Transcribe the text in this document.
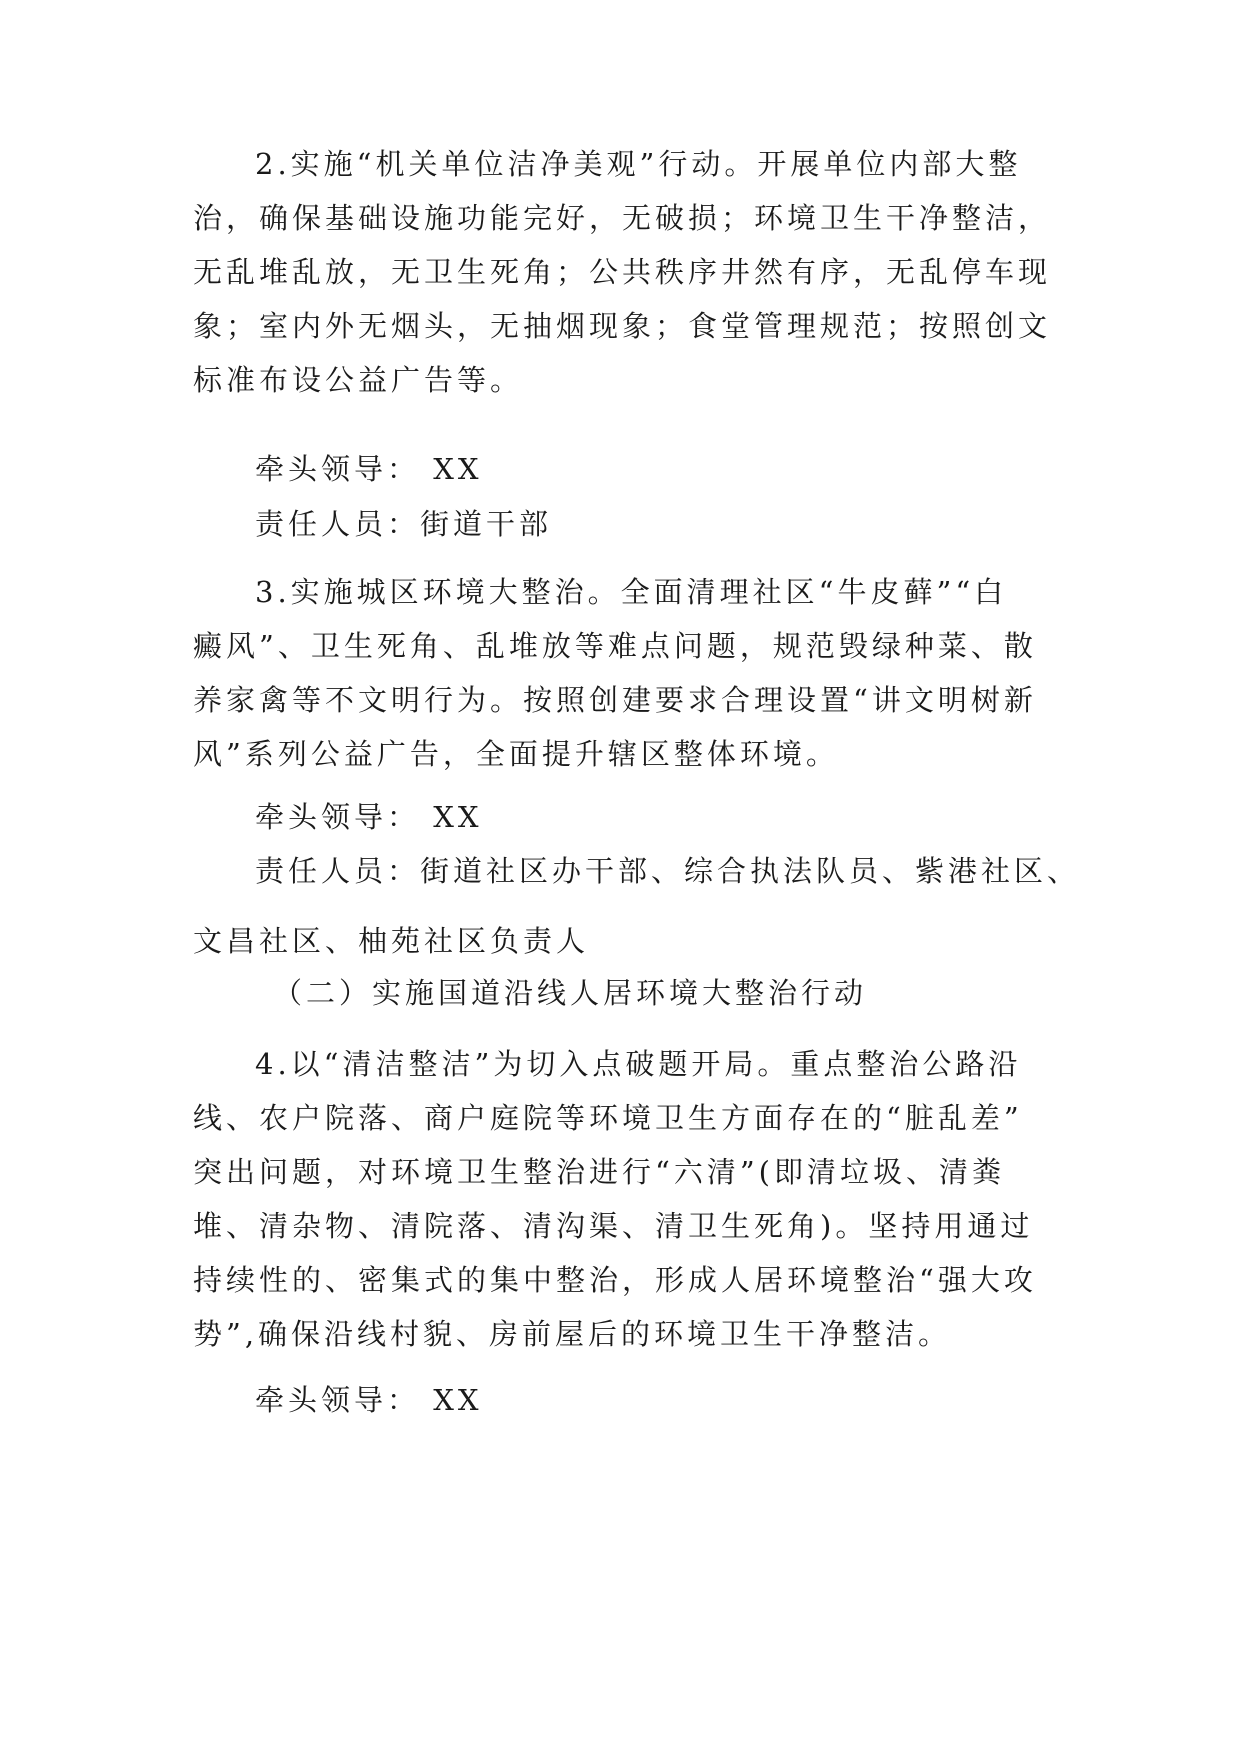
2.实施“机关单位洁净美观”行动。开展单位内部大整
治，确保基础设施功能完好，无破损；环境卫生干净整洁，
无乱堆乱放，无卫生死角；公共秩序井然有序，无乱停车现
象；室内外无烟头，无抽烟现象；食堂管理规范；按照创文
标准布设公益广告等。
牵头领导： XX
责任人员：街道干部
3.实施城区环境大整治。全面清理社区“牛皮藓”“白
癜风”、卫生死角、乱堆放等难点问题，规范毁绿种菜、散
养家禽等不文明行为。按照创建要求合理设置“讲文明树新
风”系列公益广告，全面提升辖区整体环境。
牵头领导： XX
责任人员：街道社区办干部、综合执法队员、紫港社区、
文昌社区、柚苑社区负责人
（二）实施国道沿线人居环境大整治行动
4.以“清洁整洁”为切入点破题开局。重点整治公路沿
线、农户院落、商户庭院等环境卫生方面存在的“脏乱差”
突出问题，对环境卫生整治进行“六清”(即清垃圾、清粪
堆、清杂物、清院落、清沟渠、清卫生死角)。坚持用通过
持续性的、密集式的集中整治，形成人居环境整治“强大攻
势”,确保沿线村貌、房前屋后的环境卫生干净整洁。
牵头领导： XX
